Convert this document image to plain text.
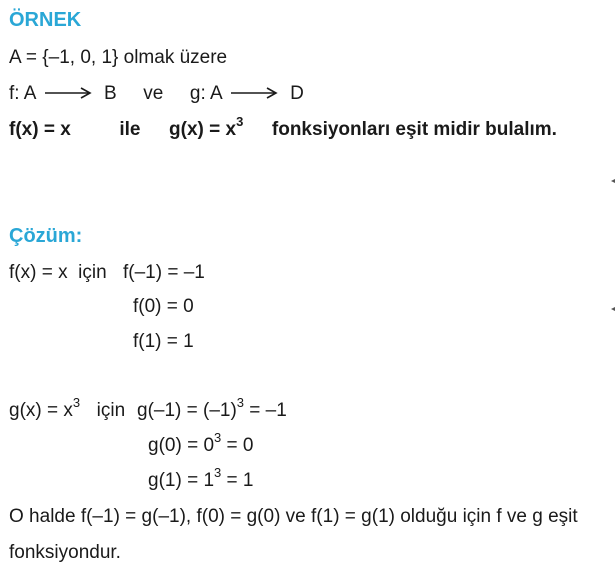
ÖRNEK
A = {–1, 0, 1} olmak üzere
f: A	B ve g: A	D
f(x) = x	ile $g(x) = x^3$ fonksiyonları eşit midir bulalım.
Çözüm:
f(x) = x  için f(–1) = –1
f(0) = 0
f(1) = 1
$g(x) = x^3$ için $g(-1) = (-1)^3 = -1$
$g(0) = 0^3 = 0$
$g(1) = 1^3 = 1$
O halde f(–1) = g(–1), f(0) = g(0) ve f(1) = g(1) olduğu için f ve g eşit
fonksiyondur.
